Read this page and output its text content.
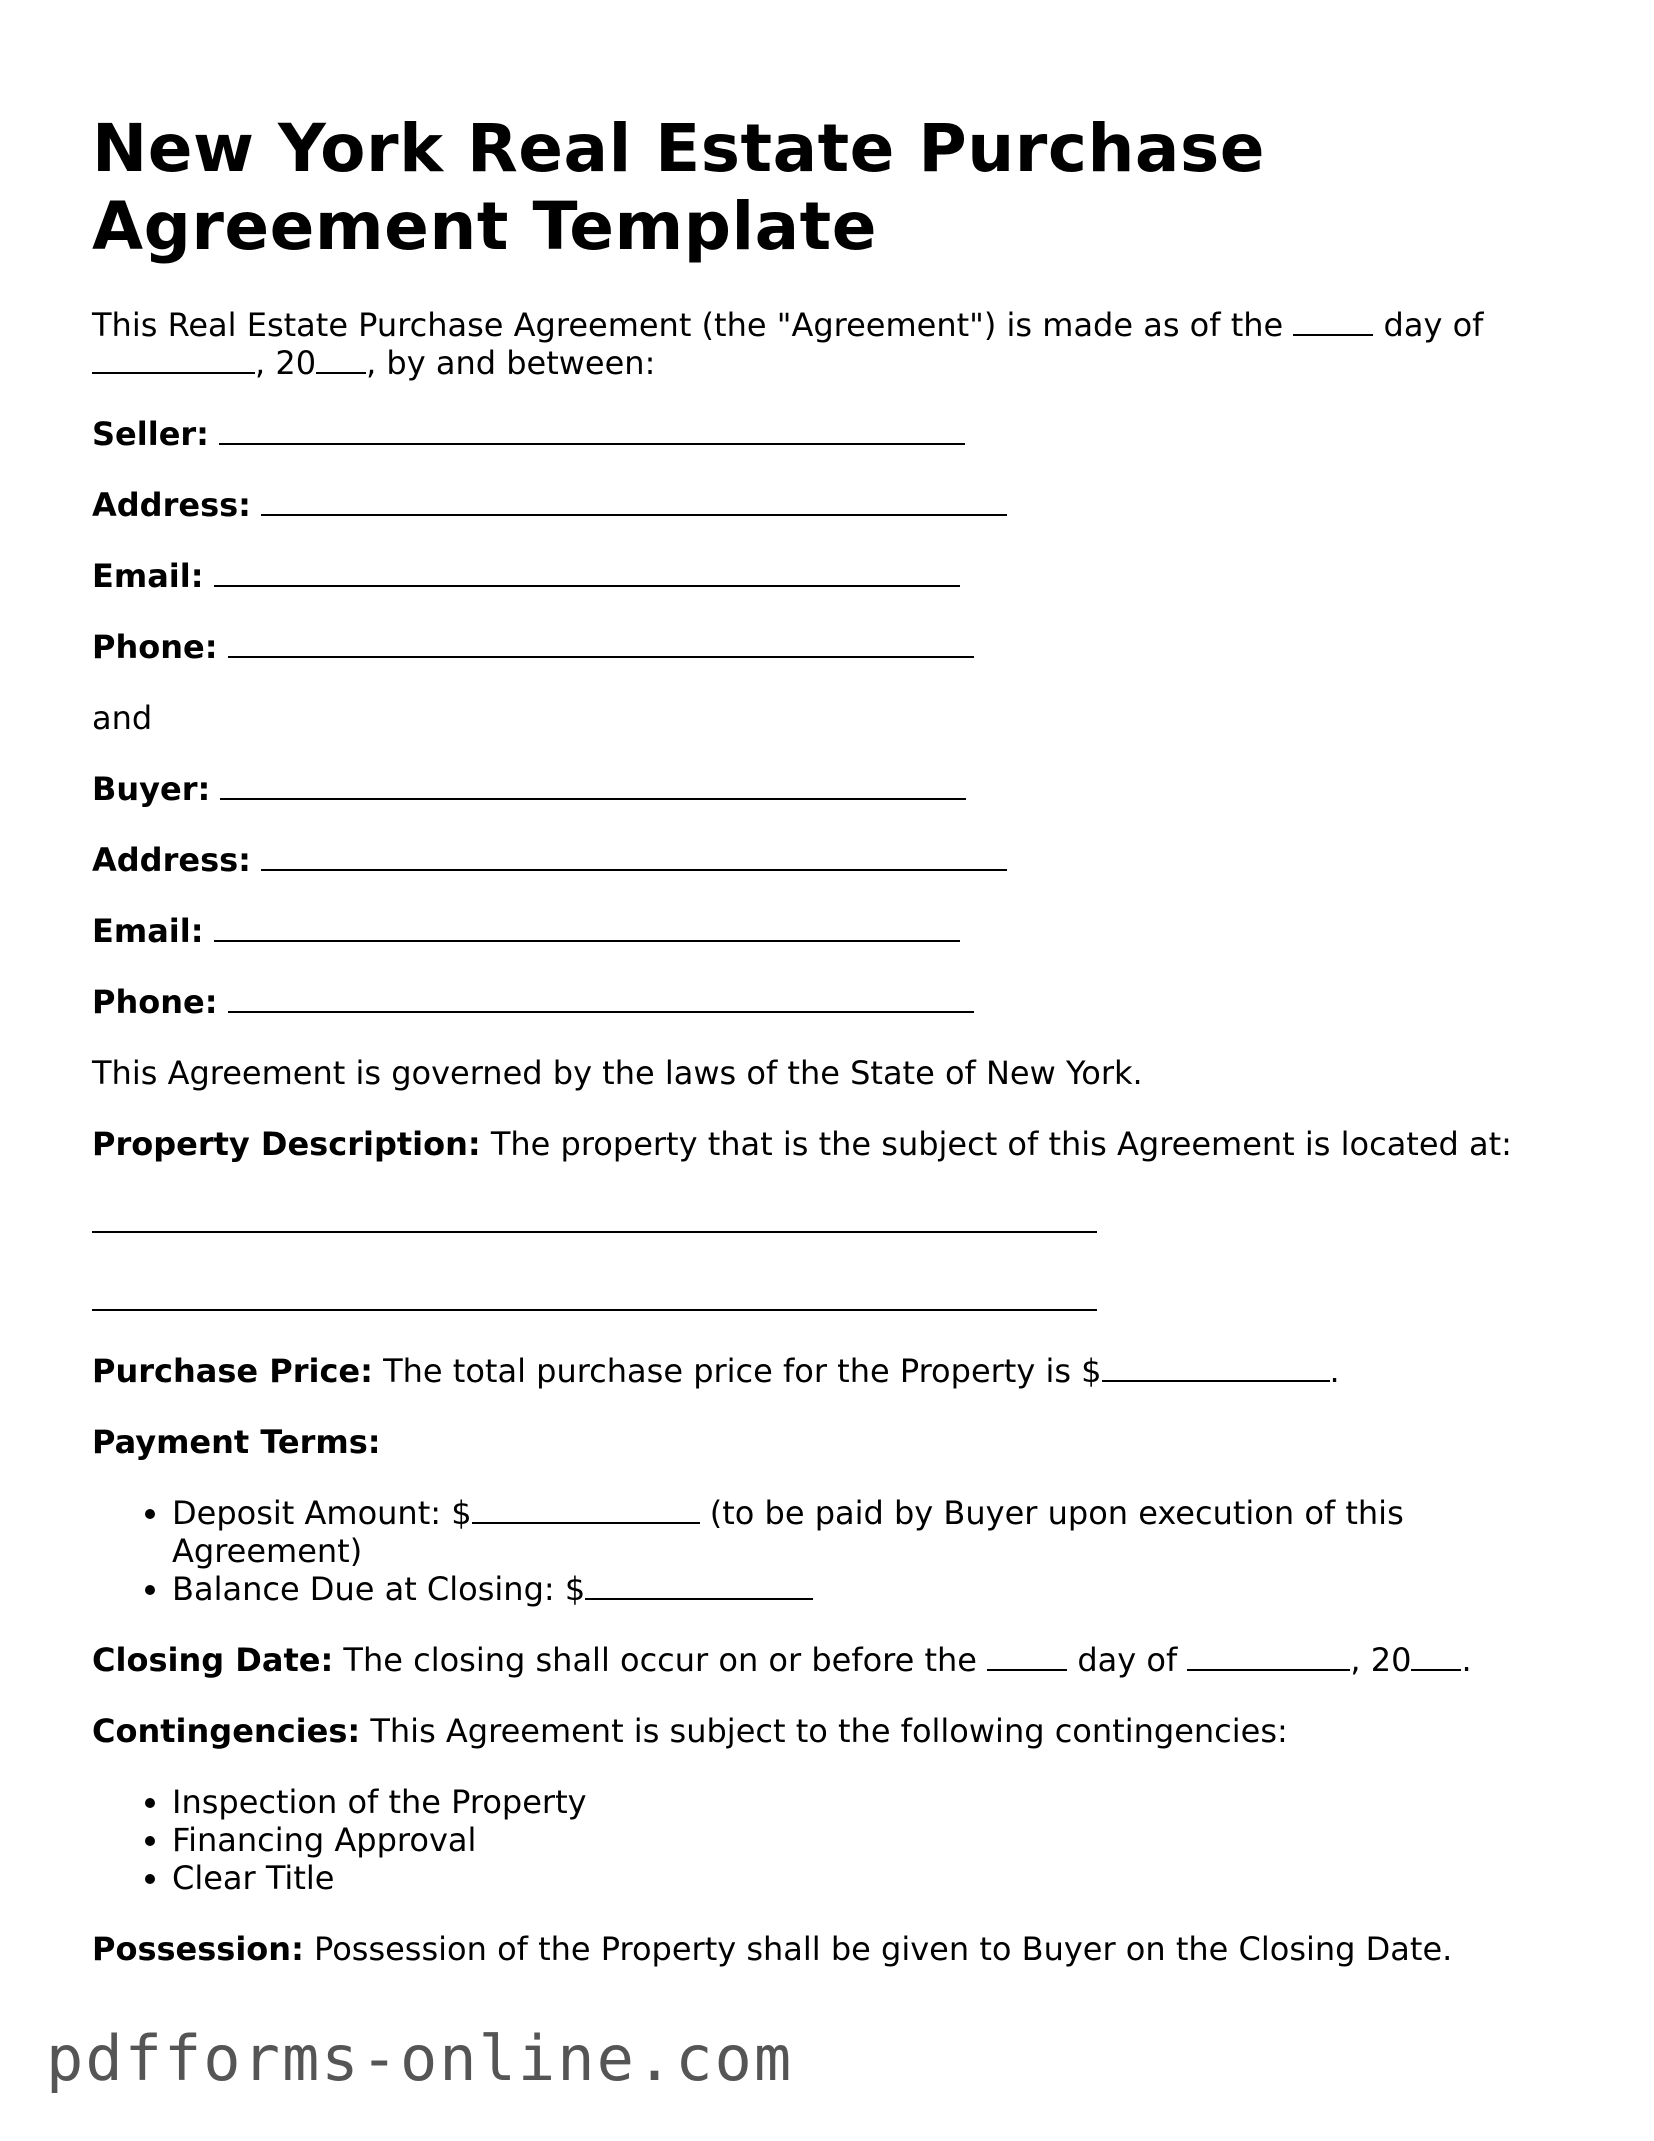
New York Real Estate Purchase Agreement Template

This Real Estate Purchase Agreement (the "Agreement") is made as of the	day of , 20 , by and between:

Seller:

Address:

Email:

Phone:

and

Buyer:

Address:

Email:

Phone:

This Agreement is governed by the laws of the State of New York.

Property Description: The property that is the subject of this Agreement is located at:

Purchase Price: The total purchase price for the Property is $	.

Payment Terms:

• Deposit Amount: $	(to be paid by Buyer upon execution of this Agreement)
• Balance Due at Closing: $

Closing Date: The closing shall occur on or before the	day of	, 20 .

Contingencies: This Agreement is subject to the following contingencies:

• Inspection of the Property
• Financing Approval
• Clear Title

Possession: Possession of the Property shall be given to Buyer on the Closing Date.

pdfforms-online.com
